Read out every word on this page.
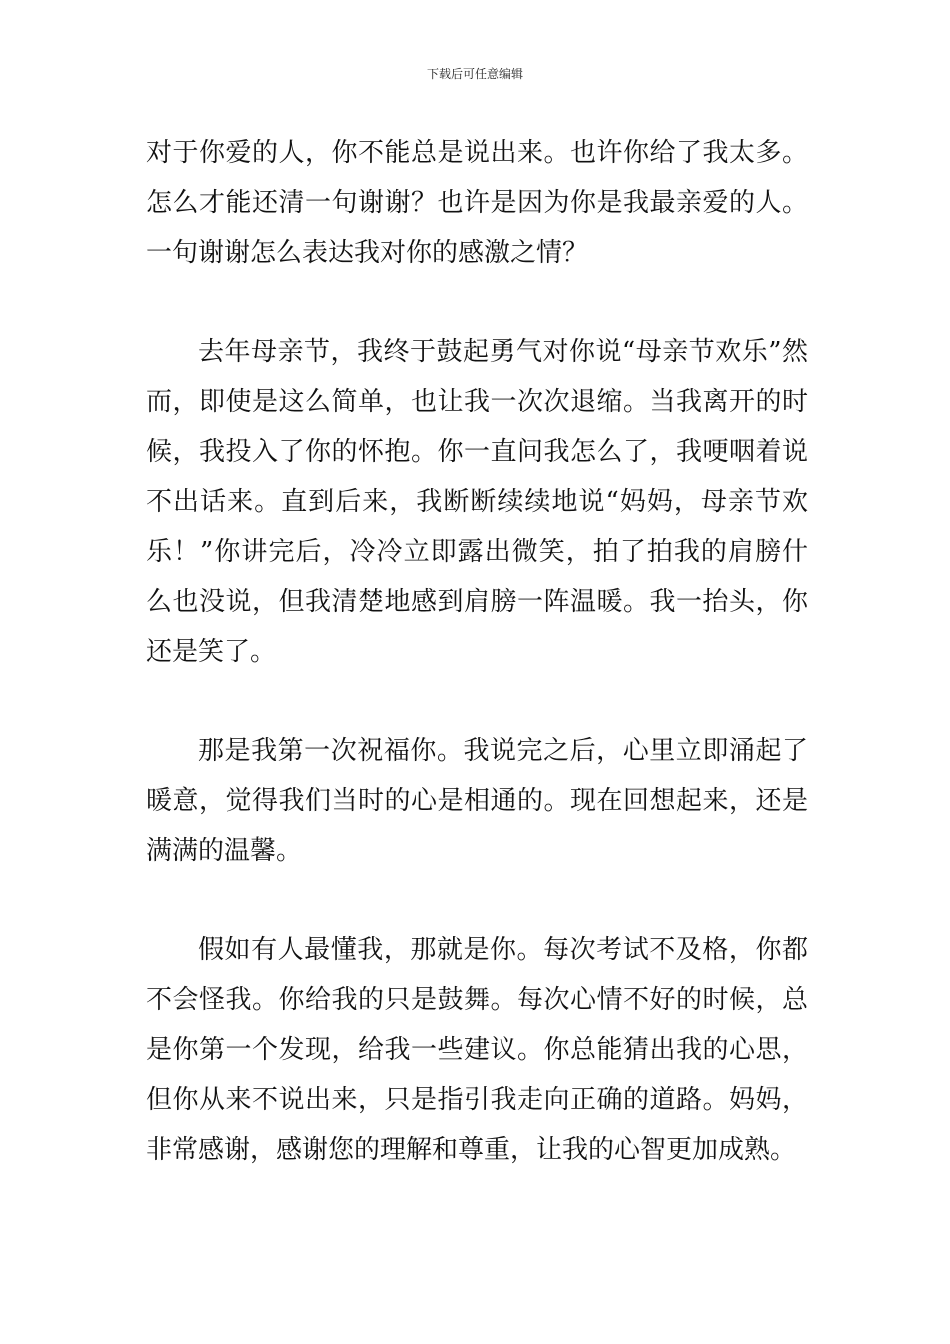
下载后可任意编辑

对于你爱的人，你不能总是说出来。也许你给了我太多。怎么才能还清一句谢谢？也许是因为你是我最亲爱的人。一句谢谢怎么表达我对你的感激之情？

去年母亲节，我终于鼓起勇气对你说“母亲节欢乐”然而，即使是这么简单，也让我一次次退缩。当我离开的时候，我投入了你的怀抱。你一直问我怎么了，我哽咽着说不出话来。直到后来，我断断续续地说“妈妈，母亲节欢乐！”你讲完后，冷冷立即露出微笑，拍了拍我的肩膀什么也没说，但我清楚地感到肩膀一阵温暖。我一抬头，你还是笑了。

那是我第一次祝福你。我说完之后，心里立即涌起了暖意，觉得我们当时的心是相通的。现在回想起来，还是满满的温馨。

假如有人最懂我，那就是你。每次考试不及格，你都不会怪我。你给我的只是鼓舞。每次心情不好的时候，总是你第一个发现，给我一些建议。你总能猜出我的心思，但你从来不说出来，只是指引我走向正确的道路。妈妈，非常感谢，感谢您的理解和尊重，让我的心智更加成熟。
